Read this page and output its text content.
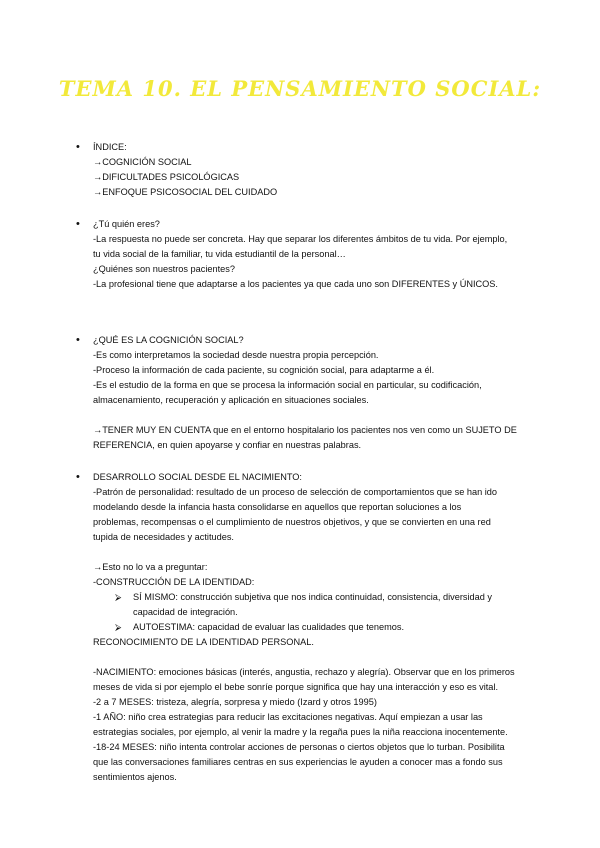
TEMA 10. EL PENSAMIENTO SOCIAL:
• ÍNDICE:
→COGNICIÓN SOCIAL
→DIFICULTADES PSICOLÓGICAS
→ENFOQUE PSICOSOCIAL DEL CUIDADO
• ¿Tú quién eres?
-La respuesta no puede ser concreta. Hay que separar los diferentes ámbitos de tu vida. Por ejemplo,
tu vida social de la familiar, tu vida estudiantil de la personal…
¿Quiénes son nuestros pacientes?
-La profesional tiene que adaptarse a los pacientes ya que cada uno son DIFERENTES y ÚNICOS.
• ¿QUÉ ES LA COGNICIÓN SOCIAL?
-Es como interpretamos la sociedad desde nuestra propia percepción.
-Proceso la información de cada paciente, su cognición social, para adaptarme a él.
-Es el estudio de la forma en que se procesa la información social en particular, su codificación,
almacenamiento, recuperación y aplicación en situaciones sociales.
→TENER MUY EN CUENTA que en el entorno hospitalario los pacientes nos ven como un SUJETO DE
REFERENCIA, en quien apoyarse y confiar en nuestras palabras.
• DESARROLLO SOCIAL DESDE EL NACIMIENTO:
-Patrón de personalidad: resultado de un proceso de selección de comportamientos que se han ido
modelando desde la infancia hasta consolidarse en aquellos que reportan soluciones a los
problemas, recompensas o el cumplimiento de nuestros objetivos, y que se convierten en una red
tupida de necesidades y actitudes.
→Esto no lo va a preguntar:
-CONSTRUCCIÓN DE LA IDENTIDAD:
⮚ SÍ MISMO: construcción subjetiva que nos indica continuidad, consistencia, diversidad y
capacidad de integración.
⮚ AUTOESTIMA: capacidad de evaluar las cualidades que tenemos.
RECONOCIMIENTO DE LA IDENTIDAD PERSONAL.
-NACIMIENTO: emociones básicas (interés, angustia, rechazo y alegría). Observar que en los primeros
meses de vida si por ejemplo el bebe sonríe porque significa que hay una interacción y eso es vital.
-2 a 7 MESES: tristeza, alegría, sorpresa y miedo (Izard y otros 1995)
-1 AÑO: niño crea estrategias para reducir las excitaciones negativas. Aquí empiezan a usar las
estrategias sociales, por ejemplo, al venir la madre y la regaña pues la niña reacciona inocentemente.
-18-24 MESES: niño intenta controlar acciones de personas o ciertos objetos que lo turban. Posibilita
que las conversaciones familiares centras en sus experiencias le ayuden a conocer mas a fondo sus
sentimientos ajenos.
